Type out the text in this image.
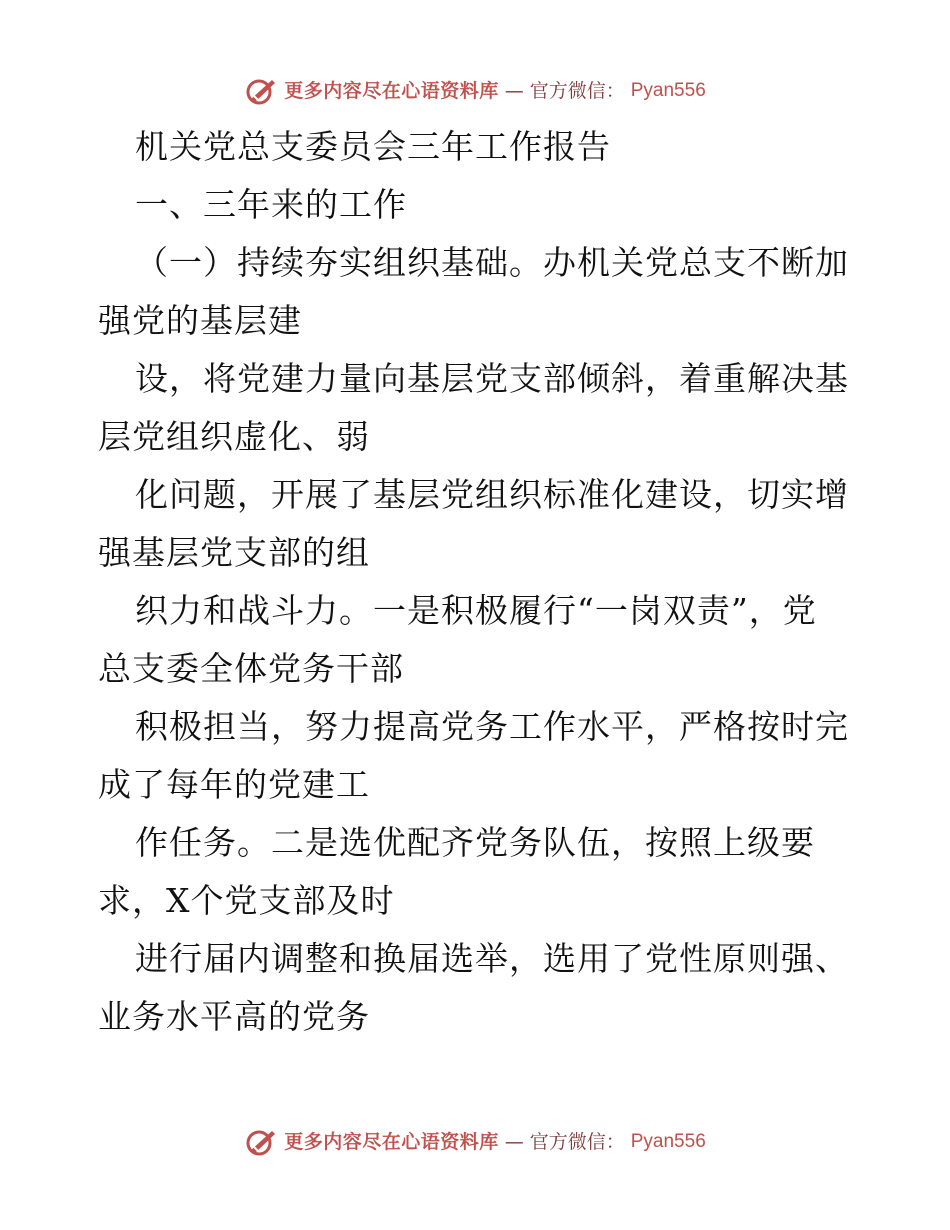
更多内容尽在心语资料库 — 官方微信： Pyan556
机关党总支委员会三年工作报告
一、三年来的工作
（一）持续夯实组织基础。办机关党总支不断加
强党的基层建
设，将党建力量向基层党支部倾斜，着重解决基
层党组织虚化、弱
化问题，开展了基层党组织标准化建设，切实增
强基层党支部的组
织力和战斗力。一是积极履行“一岗双责”，党
总支委全体党务干部
积极担当，努力提高党务工作水平，严格按时完
成了每年的党建工
作任务。二是选优配齐党务队伍，按照上级要
求，X个党支部及时
进行届内调整和换届选举，选用了党性原则强、
业务水平高的党务
更多内容尽在心语资料库 — 官方微信： Pyan556
